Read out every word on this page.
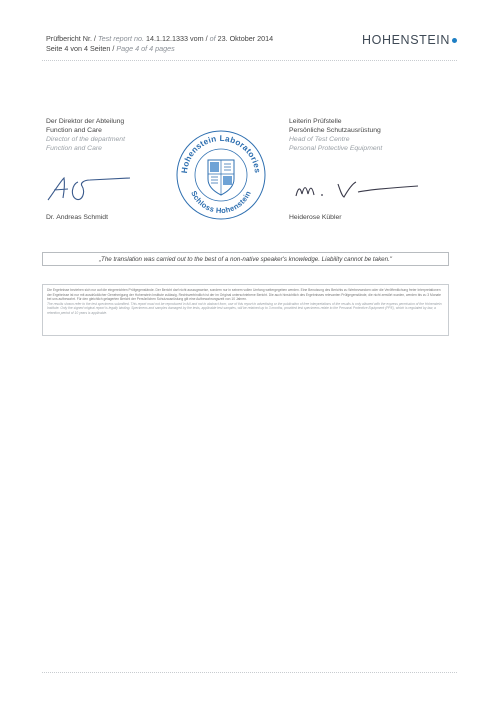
Prüfbericht Nr. / Test report no. 14.1.12.1333 vom / of 23. Oktober 2014
Seite 4 von 4 Seiten / Page 4 of 4 pages
HOHENSTEIN
Der Direktor der Abteilung
Function and Care
Director of the department
Function and Care
Dr. Andreas Schmidt
Hohenstein Laboratories
Schloss Hohenstein
Leiterin Prüfstelle
Persönliche Schutzausrüstung
Head of Test Centre
Personal Protective Equipment
Heiderose Kübler
„The translation was carried out to the best of a non-native speaker's knowledge. Liability cannot be taken."
Die Ergebnisse beziehen sich nur auf die eingereichten Prüfgegenstände. Der Bericht darf nicht auszugsweise, sondern nur in seinem vollen Umfang weitergegeben werden. Eine Benutzung des Berichts zu Werbezwecken oder die Veröffentlichung freier Interpretationen der Ergebnisse ist nur mit ausdrücklicher Genehmigung der Hohenstein Institute zulässig. Rechtsverbindlich ist der im Original unterschriebene Bericht. Die auch hinsichtlich des Ergebnisses relevanten Prüfgegenstände, die nicht zerstört wurden, werden bis zu 3 Monate bei uns aufbewahrt. Für den gleichlich gelagerten Bericht der Persönlichen Schutzausrüstung gilt eine Aufbewahrungszeit von 10 Jahren.
The results shown refer to the test specimens submitted. This report must not be reproduced in full and not in abstract form, use of this report in advertising or the publication of free interpretations of the results is only allowed with the express permission of the Hohenstein Institute. Only the signed original report is legally binding. Specimens and samples damaged by the tests, applicable test samples, will be retained up to 3 months, provided test specimens relate to the Personal Protective Equipment (PPE), which is regulated by law, a retention period of 10 years is applicable.
